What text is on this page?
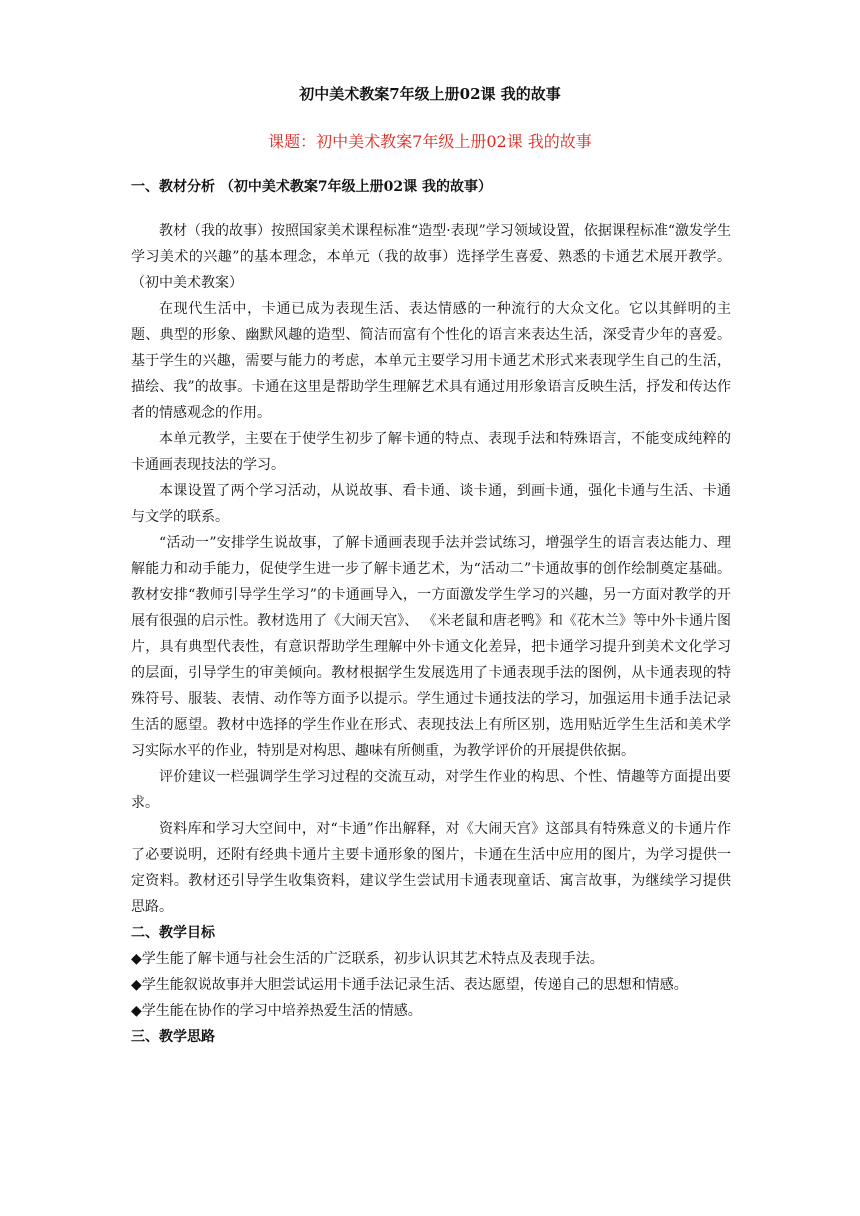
初中美术教案7年级上册02课 我的故事
课题：初中美术教案7年级上册02课 我的故事

一、教材分析 （初中美术教案7年级上册02课 我的故事）

教材（我的故事）按照国家美术课程标准“造型·表现”学习领域设置，依据课程标准“激发学生学习美术的兴趣”的基本理念，本单元（我的故事）选择学生喜爱、熟悉的卡通艺术展开教学。（初中美术教案）

在现代生活中，卡通已成为表现生活、表达情感的一种流行的大众文化。它以其鲜明的主题、典型的形象、幽默风趣的造型、简洁而富有个性化的语言来表达生活，深受青少年的喜爱。基于学生的兴趣，需要与能力的考虑，本单元主要学习用卡通艺术形式来表现学生自己的生活，描绘、我”的故事。卡通在这里是帮助学生理解艺术具有通过用形象语言反映生活，抒发和传达作者的情感观念的作用。

本单元教学，主要在于使学生初步了解卡通的特点、表现手法和特殊语言，不能变成纯粹的卡通画表现技法的学习。

本课设置了两个学习活动，从说故事、看卡通、谈卡通，到画卡通，强化卡通与生活、卡通与文学的联系。

“活动一”安排学生说故事，了解卡通画表现手法并尝试练习，增强学生的语言表达能力、理解能力和动手能力，促使学生进一步了解卡通艺术，为“活动二”卡通故事的创作绘制奠定基础。教材安排“教师引导学生学习”的卡通画导入，一方面激发学生学习的兴趣，另一方面对教学的开展有很强的启示性。教材选用了《大闹天宫》、 《米老鼠和唐老鸭》和《花木兰》等中外卡通片图片，具有典型代表性，有意识帮助学生理解中外卡通文化差异，把卡通学习提升到美术文化学习的层面，引导学生的审美倾向。教材根据学生发展选用了卡通表现手法的图例，从卡通表现的特殊符号、服装、表情、动作等方面予以提示。学生通过卡通技法的学习，加强运用卡通手法记录生活的愿望。教材中选择的学生作业在形式、表现技法上有所区别，选用贴近学生生活和美术学习实际水平的作业，特别是对构思、趣味有所侧重，为教学评价的开展提供依据。

评价建议一栏强调学生学习过程的交流互动，对学生作业的构思、个性、情趣等方面提出要求。

资料库和学习大空间中，对“卡通”作出解释，对《大闹天宫》这部具有特殊意义的卡通片作了必要说明，还附有经典卡通片主要卡通形象的图片，卡通在生活中应用的图片，为学习提供一定资料。教材还引导学生收集资料，建议学生尝试用卡通表现童话、寓言故事，为继续学习提供思路。

二、教学目标

◆学生能了解卡通与社会生活的广泛联系，初步认识其艺术特点及表现手法。

◆学生能叙说故事并大胆尝试运用卡通手法记录生活、表达愿望，传递自己的思想和情感。

◆学生能在协作的学习中培养热爱生活的情感。

三、教学思路
